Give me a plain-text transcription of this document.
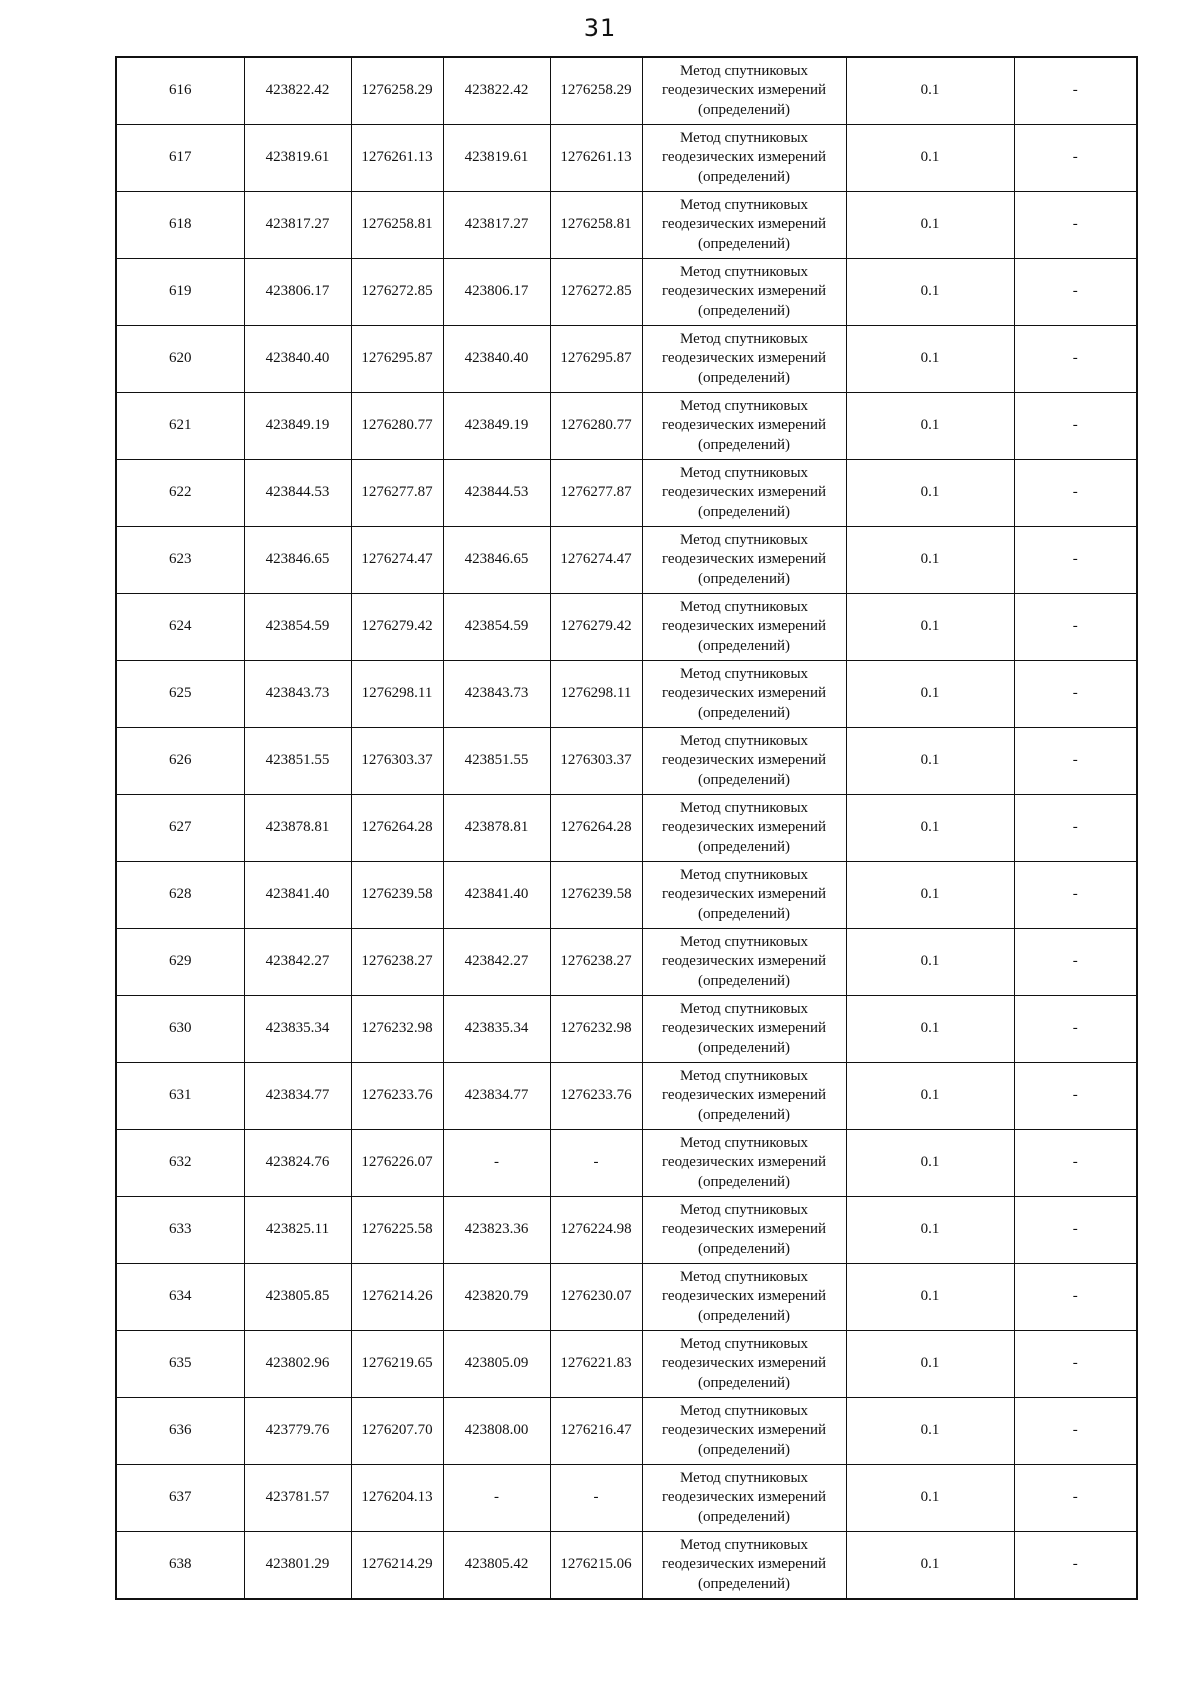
31
616	423822.42	1276258.29	423822.42	1276258.29	Метод спутниковых
геодезических измерений
(определений)	0.1	-
617	423819.61	1276261.13	423819.61	1276261.13	Метод спутниковых
геодезических измерений
(определений)	0.1	-
618	423817.27	1276258.81	423817.27	1276258.81	Метод спутниковых
геодезических измерений
(определений)	0.1	-
619	423806.17	1276272.85	423806.17	1276272.85	Метод спутниковых
геодезических измерений
(определений)	0.1	-
620	423840.40	1276295.87	423840.40	1276295.87	Метод спутниковых
геодезических измерений
(определений)	0.1	-
621	423849.19	1276280.77	423849.19	1276280.77	Метод спутниковых
геодезических измерений
(определений)	0.1	-
622	423844.53	1276277.87	423844.53	1276277.87	Метод спутниковых
геодезических измерений
(определений)	0.1	-
623	423846.65	1276274.47	423846.65	1276274.47	Метод спутниковых
геодезических измерений
(определений)	0.1	-
624	423854.59	1276279.42	423854.59	1276279.42	Метод спутниковых
геодезических измерений
(определений)	0.1	-
625	423843.73	1276298.11	423843.73	1276298.11	Метод спутниковых
геодезических измерений
(определений)	0.1	-
626	423851.55	1276303.37	423851.55	1276303.37	Метод спутниковых
геодезических измерений
(определений)	0.1	-
627	423878.81	1276264.28	423878.81	1276264.28	Метод спутниковых
геодезических измерений
(определений)	0.1	-
628	423841.40	1276239.58	423841.40	1276239.58	Метод спутниковых
геодезических измерений
(определений)	0.1	-
629	423842.27	1276238.27	423842.27	1276238.27	Метод спутниковых
геодезических измерений
(определений)	0.1	-
630	423835.34	1276232.98	423835.34	1276232.98	Метод спутниковых
геодезических измерений
(определений)	0.1	-
631	423834.77	1276233.76	423834.77	1276233.76	Метод спутниковых
геодезических измерений
(определений)	0.1	-
632	423824.76	1276226.07	-	-	Метод спутниковых
геодезических измерений
(определений)	0.1	-
633	423825.11	1276225.58	423823.36	1276224.98	Метод спутниковых
геодезических измерений
(определений)	0.1	-
634	423805.85	1276214.26	423820.79	1276230.07	Метод спутниковых
геодезических измерений
(определений)	0.1	-
635	423802.96	1276219.65	423805.09	1276221.83	Метод спутниковых
геодезических измерений
(определений)	0.1	-
636	423779.76	1276207.70	423808.00	1276216.47	Метод спутниковых
геодезических измерений
(определений)	0.1	-
637	423781.57	1276204.13	-	-	Метод спутниковых
геодезических измерений
(определений)	0.1	-
638	423801.29	1276214.29	423805.42	1276215.06	Метод спутниковых
геодезических измерений
(определений)	0.1	-
